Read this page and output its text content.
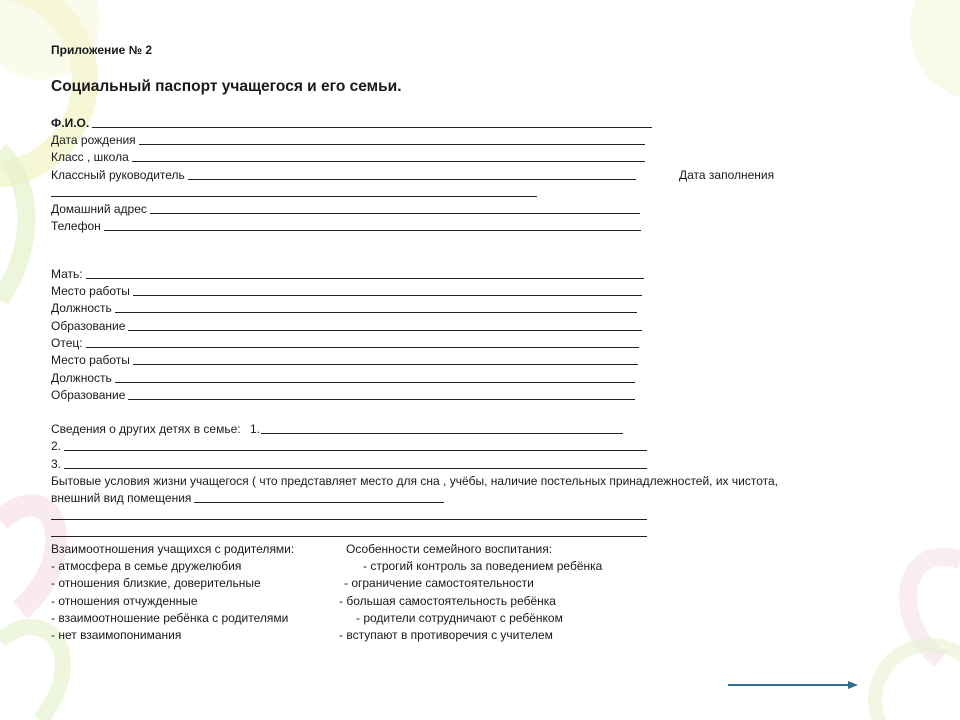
Приложение № 2
Социальный паспорт учащегося и его семьи.
Ф.И.О.
Дата рождения
Класс , школа
Классный руководитель	Дата заполнения
Домашний адрес
Телефон
Мать:
Место работы
Должность
Образование
Отец:
Место работы
Должность
Образование
Сведения о других детях в семье: 1.
2.
3.
Бытовые условия жизни учащегося ( что представляет место для сна , учёбы, наличие постельных принадлежностей, их чистота,
внешний вид помещения
Взаимоотношения учащихся с родителями:	Особенности семейного воспитания:
- атмосфера в семье дружелюбия
- отношения близкие, доверительные
- отношения отчужденные
- взаимоотношение ребёнка с родителями
- нет взаимопонимания
- строгий контроль за поведением ребёнка
- ограничение самостоятельности
- большая самостоятельность ребёнка
- родители сотрудничают с ребёнком
- вступают в противоречия с учителем
